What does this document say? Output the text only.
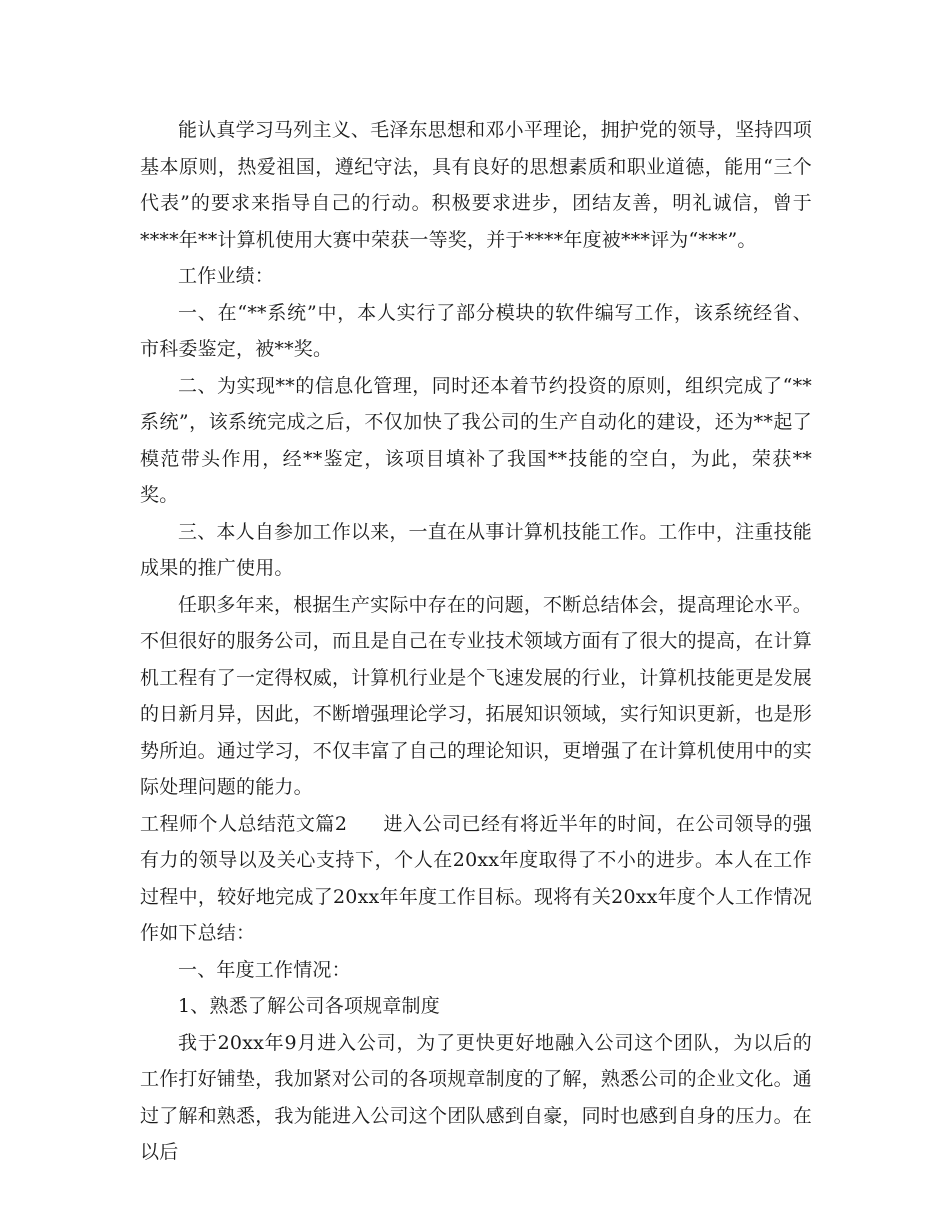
能认真学习马列主义、毛泽东思想和邓小平理论，拥护党的领导，坚持四项基本原则，热爱祖国，遵纪守法，具有良好的思想素质和职业道德，能用“三个代表”的要求来指导自己的行动。积极要求进步，团结友善，明礼诚信，曾于****年**计算机使用大赛中荣获一等奖，并于****年度被***评为“***”。

工作业绩：

一、在“**系统”中，本人实行了部分模块的软件编写工作，该系统经省、市科委鉴定，被**奖。

二、为实现**的信息化管理，同时还本着节约投资的原则，组织完成了“**系统”，该系统完成之后，不仅加快了我公司的生产自动化的建设，还为**起了模范带头作用，经**鉴定，该项目填补了我国**技能的空白，为此，荣获**奖。

三、本人自参加工作以来，一直在从事计算机技能工作。工作中，注重技能成果的推广使用。

任职多年来，根据生产实际中存在的问题，不断总结体会，提高理论水平。不但很好的服务公司，而且是自己在专业技术领域方面有了很大的提高，在计算机工程有了一定得权威，计算机行业是个飞速发展的行业，计算机技能更是发展的日新月异，因此，不断增强理论学习，拓展知识领域，实行知识更新，也是形势所迫。通过学习，不仅丰富了自己的理论知识，更增强了在计算机使用中的实际处理问题的能力。

工程师个人总结范文篇2 进入公司已经有将近半年的时间，在公司领导的强有力的领导以及关心支持下，个人在20xx年度取得了不小的进步。本人在工作过程中，较好地完成了20xx年年度工作目标。现将有关20xx年度个人工作情况作如下总结：

一、年度工作情况：

1、熟悉了解公司各项规章制度

我于20xx年9月进入公司，为了更快更好地融入公司这个团队，为以后的工作打好铺垫，我加紧对公司的各项规章制度的了解，熟悉公司的企业文化。通 过了解和熟悉，我为能进入公司这个团队感到自豪，同时也感到自身的压力。在以后
